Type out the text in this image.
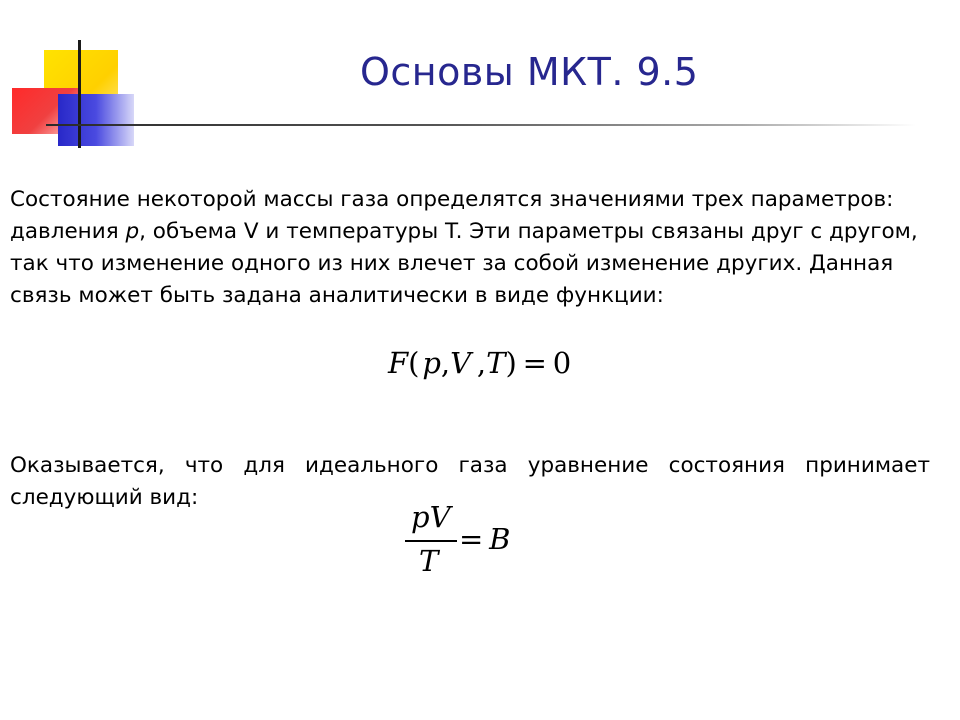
Основы МКТ. 9.5

Состояние некоторой массы газа определятся значениями трех параметров: давления p, объема V и температуры T. Эти параметры связаны друг с другом, так что изменение одного из них влечет за собой изменение других. Данная связь может быть задана аналитически в виде функции:

F( p,V  ,T)  =  0

Оказывается, что для идеального газа уравнение состояния принимает следующий вид:

pV
T
=  B
